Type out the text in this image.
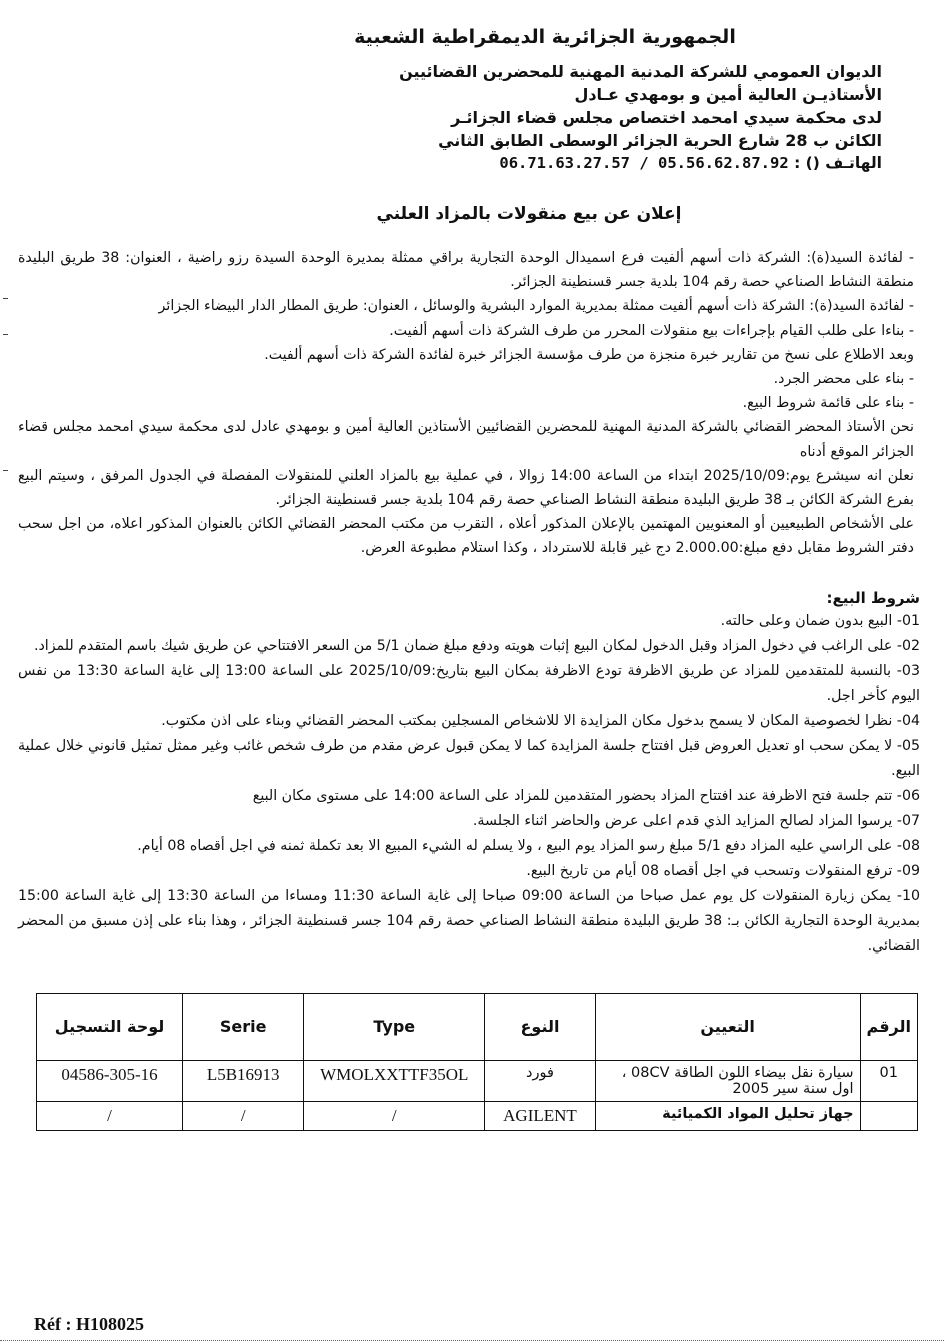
الجمهورية الجزائرية الديمقراطية الشعبية
الديوان العمومي للشركة المدنية المهنية للمحضرين القضائيين
الأستاذيـن العالية أمين و بومهدي عـادل
لدى محكمة سيدي امحمد اختصاص مجلس قضاء الجزائـر
الكائن ب 28 شارع الحرية الجزائر الوسطى الطابق الثاني
الهاتـف () : 05.56.62.87.92 / 06.71.63.27.57
إعلان عن بيع منقولات بالمزاد العلني

- لفائدة السيد(ة): الشركة ذات أسهم ألفيت فرع اسميدال الوحدة التجارية براقي ممثلة بمديرة الوحدة السيدة رزو راضية ، العنوان: 38 طريق البليدة منطقة النشاط الصناعي حصة رقم 104 بلدية جسر قسنطينة الجزائر.

- لفائدة السيد(ة): الشركة ذات أسهم ألفيت ممثلة بمديرية الموارد البشرية والوسائل ، العنوان: طريق المطار الدار البيضاء الجزائر

- بناءا على طلب القيام بإجراءات بيع منقولات المحرر من طرف الشركة ذات أسهم ألفيت.

وبعد الاطلاع على نسخ من تقارير خبرة منجزة من طرف مؤسسة الجزائر خبرة لفائدة الشركة ذات أسهم ألفيت.

- بناء على محضر الجرد.

- بناء على قائمة شروط البيع.

نحن الأستاذ المحضر القضائي بالشركة المدنية المهنية للمحضرين القضائيين الأستاذين العالية أمين و بومهدي عادل لدى محكمة سيدي امحمد مجلس قضاء الجزائر الموقع أدناه

نعلن انه سيشرع يوم:2025/10/09 ابتداء من الساعة 14:00 زوالا ، في عملية بيع بالمزاد العلني للمنقولات المفصلة في الجدول المرفق ، وسيتم البيع بفرع الشركة الكائن بـ 38 طريق البليدة منطقة النشاط الصناعي حصة رقم 104 بلدية جسر قسنطينة الجزائر.

على الأشخاص الطبيعيين أو المعنويين المهتمين بالإعلان المذكور أعلاه ، التقرب من مكتب المحضر القضائي الكائن بالعنوان المذكور اعلاه، من اجل سحب دفتر الشروط مقابل دفع مبلغ:2.000.00 دج غير قابلة للاسترداد ، وكذا استلام مطبوعة العرض.

شروط البيع:

01- البيع بدون ضمان وعلى حالته.

02- على الراغب في دخول المزاد وقبل الدخول لمكان البيع إثبات هويته ودفع مبلغ ضمان 5/1 من السعر الافتتاحي عن طريق شيك باسم المتقدم للمزاد.

03- بالنسبة للمتقدمين للمزاد عن طريق الاظرفة تودع الاظرفة بمكان البيع بتاريخ:2025/10/09 على الساعة 13:00 إلى غاية الساعة 13:30 من نفس اليوم كأخر اجل.

04- نظرا لخصوصية المكان لا يسمح بدخول مكان المزايدة الا للاشخاص المسجلين بمكتب المحضر القضائي وبناء على اذن مكتوب.

05- لا يمكن سحب او تعديل العروض قبل افتتاح جلسة المزايدة كما لا يمكن قبول عرض مقدم من طرف شخص غائب وغير ممثل تمثيل قانوني خلال عملية البيع.

06- تتم جلسة فتح الاظرفة عند افتتاح المزاد بحضور المتقدمين للمزاد على الساعة 14:00 على مستوى مكان البيع

07- يرسوا المزاد لصالح المزايد الذي قدم اعلى عرض والحاضر اثناء الجلسة.

08- على الراسي عليه المزاد دفع 5/1 مبلغ رسو المزاد يوم البيع ، ولا يسلم له الشيء المبيع الا بعد تكملة ثمنه في اجل أقصاه 08 أيام.

09- ترفع المنقولات وتسحب في اجل أقصاه 08 أيام من تاريخ البيع.

10- يمكن زيارة المنقولات كل يوم عمل صباحا من الساعة 09:00 صباحا إلى غاية الساعة 11:30 ومساءا من الساعة 13:30 إلى غاية الساعة 15:00 بمديرية الوحدة التجارية الكائن بـ: 38 طريق البليدة منطقة النشاط الصناعي حصة رقم 104 جسر قسنطينة الجزائر ، وهذا بناء على إذن مسبق من المحضر القضائي.

الرقم	التعيين	النوع	Type	Serie	لوحة التسجيل
01	سيارة نقل بيضاء اللون الطاقة 08CV ، اول سنة سير 2005	فورد	WMOLXXTTF35OL	L5B16913	04586-305-16
	جهاز تحليل المواد الكميائية	AGILENT	/	/	/
Réf : H108025
